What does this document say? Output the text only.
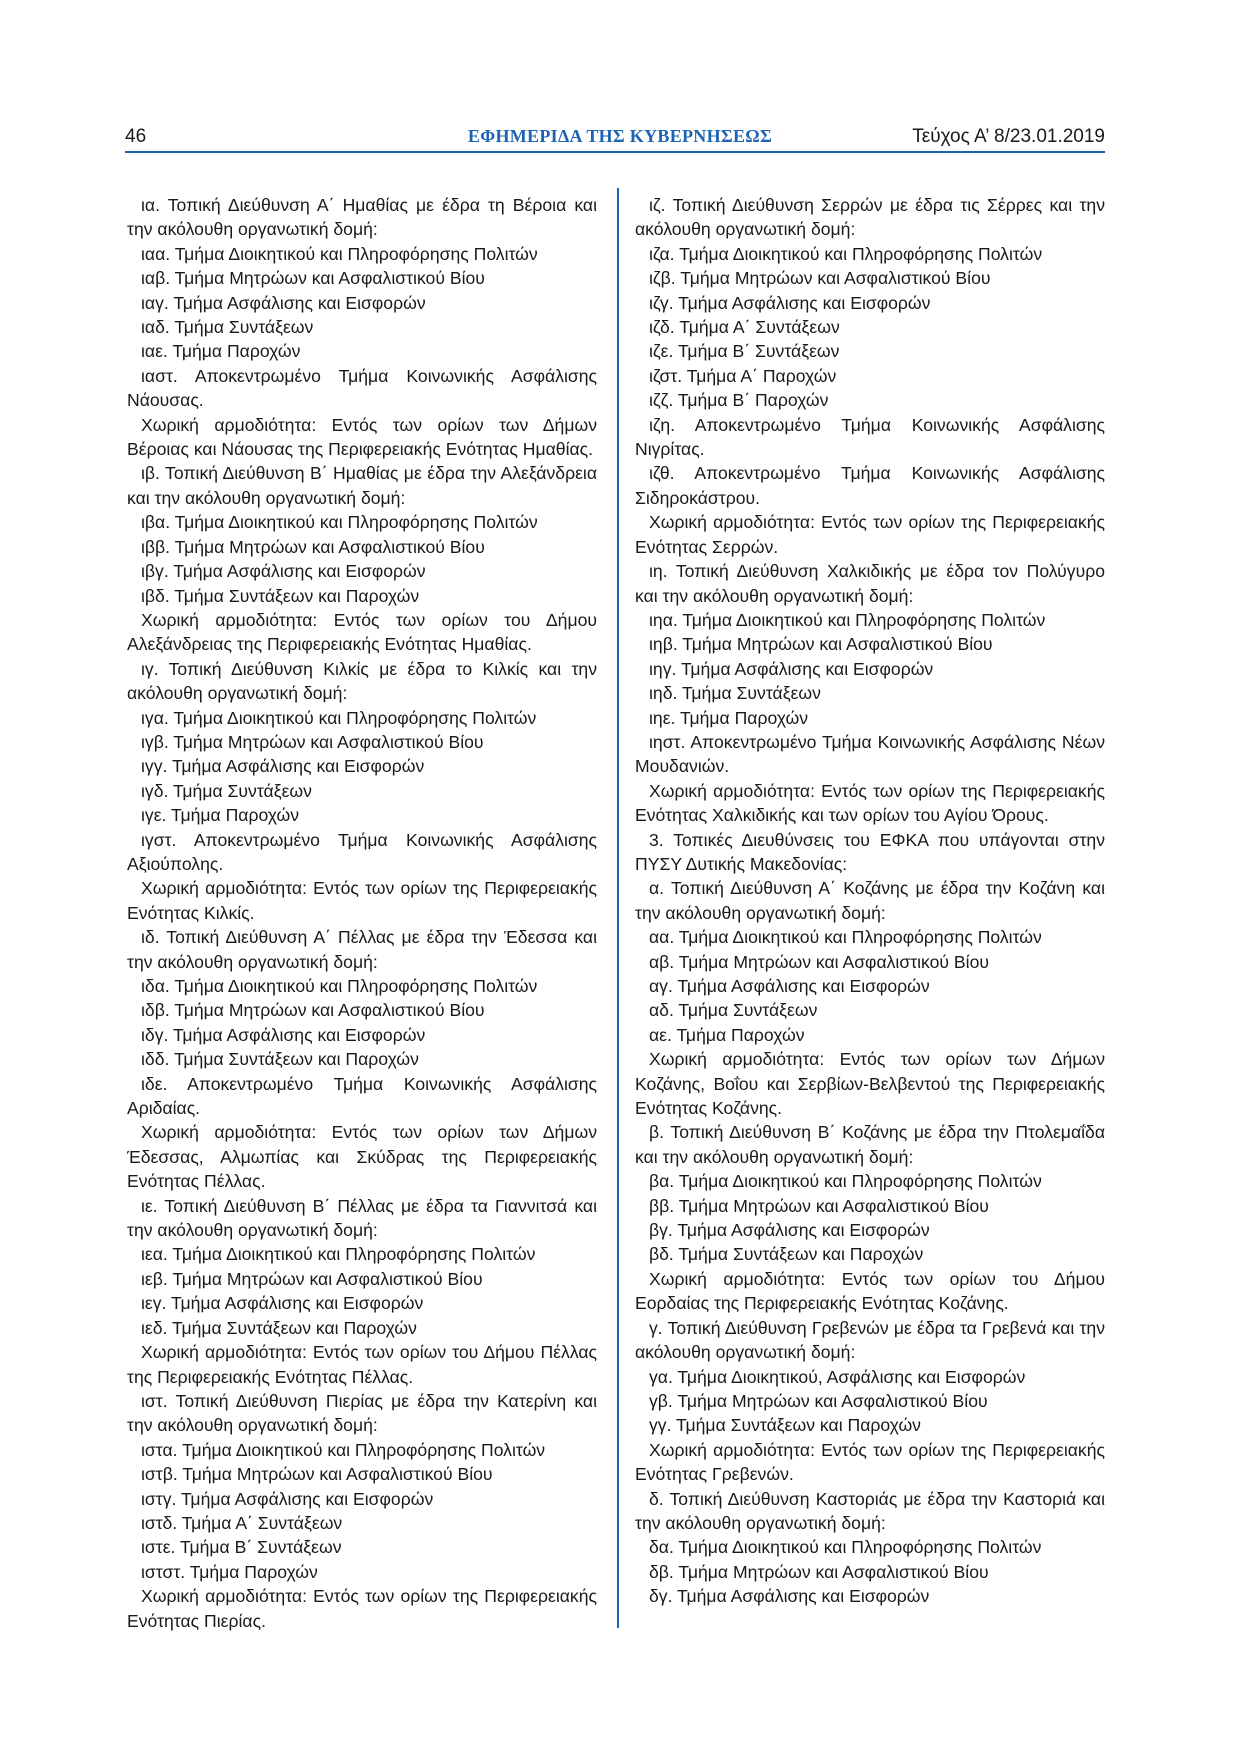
46	ΕΦΗΜΕΡΙΔΑ ΤΗΣ ΚΥΒΕΡΝΗΣΕΩΣ	Τεύχος Α’ 8/23.01.2019

ια. Τοπική Διεύθυνση Α΄ Ημαθίας με έδρα τη Βέροια και την ακόλουθη οργανωτική δομή:

ιαα. Τμήμα Διοικητικού και Πληροφόρησης Πολιτών

ιαβ. Τμήμα Μητρώων και Ασφαλιστικού Βίου

ιαγ. Τμήμα Ασφάλισης και Εισφορών

ιαδ. Τμήμα Συντάξεων

ιαε. Τμήμα Παροχών

ιαστ. Αποκεντρωμένο Τμήμα Κοινωνικής Ασφάλισης Νάουσας.

Χωρική αρμοδιότητα: Εντός των ορίων των Δήμων Βέροιας και Νάουσας της Περιφερειακής Ενότητας Ημαθίας.

ιβ. Τοπική Διεύθυνση Β΄ Ημαθίας με έδρα την Αλεξάνδρεια και την ακόλουθη οργανωτική δομή:

ιβα. Τμήμα Διοικητικού και Πληροφόρησης Πολιτών

ιββ. Τμήμα Μητρώων και Ασφαλιστικού Βίου

ιβγ. Τμήμα Ασφάλισης και Εισφορών

ιβδ. Τμήμα Συντάξεων και Παροχών

Χωρική αρμοδιότητα: Εντός των ορίων του Δήμου Αλεξάνδρειας της Περιφερειακής Ενότητας Ημαθίας.

ιγ. Τοπική Διεύθυνση Κιλκίς με έδρα το Κιλκίς και την ακόλουθη οργανωτική δομή:

ιγα. Τμήμα Διοικητικού και Πληροφόρησης Πολιτών

ιγβ. Τμήμα Μητρώων και Ασφαλιστικού Βίου

ιγγ. Τμήμα Ασφάλισης και Εισφορών

ιγδ. Τμήμα Συντάξεων

ιγε. Τμήμα Παροχών

ιγστ. Αποκεντρωμένο Τμήμα Κοινωνικής Ασφάλισης Αξιούπολης.

Χωρική αρμοδιότητα: Εντός των ορίων της Περιφερειακής Ενότητας Κιλκίς.

ιδ. Τοπική Διεύθυνση Α΄ Πέλλας με έδρα την Έδεσσα και την ακόλουθη οργανωτική δομή:

ιδα. Τμήμα Διοικητικού και Πληροφόρησης Πολιτών

ιδβ. Τμήμα Μητρώων και Ασφαλιστικού Βίου

ιδγ. Τμήμα Ασφάλισης και Εισφορών

ιδδ. Τμήμα Συντάξεων και Παροχών

ιδε. Αποκεντρωμένο Τμήμα Κοινωνικής Ασφάλισης Αριδαίας.

Χωρική αρμοδιότητα: Εντός των ορίων των Δήμων Έδεσσας, Αλμωπίας και Σκύδρας της Περιφερειακής Ενότητας Πέλλας.

ιε. Τοπική Διεύθυνση Β΄ Πέλλας με έδρα τα Γιαννιτσά και την ακόλουθη οργανωτική δομή:

ιεα. Τμήμα Διοικητικού και Πληροφόρησης Πολιτών

ιεβ. Τμήμα Μητρώων και Ασφαλιστικού Βίου

ιεγ. Τμήμα Ασφάλισης και Εισφορών

ιεδ. Τμήμα Συντάξεων και Παροχών

Χωρική αρμοδιότητα: Εντός των ορίων του Δήμου Πέλλας της Περιφερειακής Ενότητας Πέλλας.

ιστ. Τοπική Διεύθυνση Πιερίας με έδρα την Κατερίνη και την ακόλουθη οργανωτική δομή:

ιστα. Τμήμα Διοικητικού και Πληροφόρησης Πολιτών

ιστβ. Τμήμα Μητρώων και Ασφαλιστικού Βίου

ιστγ. Τμήμα Ασφάλισης και Εισφορών

ιστδ. Τμήμα Α΄ Συντάξεων

ιστε. Τμήμα Β΄ Συντάξεων

ιστστ. Τμήμα Παροχών

Χωρική αρμοδιότητα: Εντός των ορίων της Περιφερειακής Ενότητας Πιερίας.

ιζ. Τοπική Διεύθυνση Σερρών με έδρα τις Σέρρες και την ακόλουθη οργανωτική δομή:

ιζα. Τμήμα Διοικητικού και Πληροφόρησης Πολιτών

ιζβ. Τμήμα Μητρώων και Ασφαλιστικού Βίου

ιζγ. Τμήμα Ασφάλισης και Εισφορών

ιζδ. Τμήμα Α΄ Συντάξεων

ιζε. Τμήμα Β΄ Συντάξεων

ιζστ. Τμήμα Α΄ Παροχών

ιζζ. Τμήμα Β΄ Παροχών

ιζη. Αποκεντρωμένο Τμήμα Κοινωνικής Ασφάλισης Νιγρίτας.

ιζθ. Αποκεντρωμένο Τμήμα Κοινωνικής Ασφάλισης Σιδηροκάστρου.

Χωρική αρμοδιότητα: Εντός των ορίων της Περιφερειακής Ενότητας Σερρών.

ιη. Τοπική Διεύθυνση Χαλκιδικής με έδρα τον Πολύγυρο και την ακόλουθη οργανωτική δομή:

ιηα. Τμήμα Διοικητικού και Πληροφόρησης Πολιτών

ιηβ. Τμήμα Μητρώων και Ασφαλιστικού Βίου

ιηγ. Τμήμα Ασφάλισης και Εισφορών

ιηδ. Τμήμα Συντάξεων

ιηε. Τμήμα Παροχών

ιηστ. Αποκεντρωμένο Τμήμα Κοινωνικής Ασφάλισης Νέων Μουδανιών.

Χωρική αρμοδιότητα: Εντός των ορίων της Περιφερειακής Ενότητας Χαλκιδικής και των ορίων του Αγίου Όρους.

3. Τοπικές Διευθύνσεις του ΕΦΚΑ που υπάγονται στην ΠΥΣΥ Δυτικής Μακεδονίας:

α. Τοπική Διεύθυνση Α΄ Κοζάνης με έδρα την Κοζάνη και την ακόλουθη οργανωτική δομή:

αα. Τμήμα Διοικητικού και Πληροφόρησης Πολιτών

αβ. Τμήμα Μητρώων και Ασφαλιστικού Βίου

αγ. Τμήμα Ασφάλισης και Εισφορών

αδ. Τμήμα Συντάξεων

αε. Τμήμα Παροχών

Χωρική αρμοδιότητα: Εντός των ορίων των Δήμων Κοζάνης, Βοΐου και Σερβίων-Βελβεντού της Περιφερειακής Ενότητας Κοζάνης.

β. Τοπική Διεύθυνση Β΄ Κοζάνης με έδρα την Πτολεμαΐδα και την ακόλουθη οργανωτική δομή:

βα. Τμήμα Διοικητικού και Πληροφόρησης Πολιτών

ββ. Τμήμα Μητρώων και Ασφαλιστικού Βίου

βγ. Τμήμα Ασφάλισης και Εισφορών

βδ. Τμήμα Συντάξεων και Παροχών

Χωρική αρμοδιότητα: Εντός των ορίων του Δήμου Εορδαίας της Περιφερειακής Ενότητας Κοζάνης.

γ. Τοπική Διεύθυνση Γρεβενών με έδρα τα Γρεβενά και την ακόλουθη οργανωτική δομή:

γα. Τμήμα Διοικητικού, Ασφάλισης και Εισφορών

γβ. Τμήμα Μητρώων και Ασφαλιστικού Βίου

γγ. Τμήμα Συντάξεων και Παροχών

Χωρική αρμοδιότητα: Εντός των ορίων της Περιφερειακής Ενότητας Γρεβενών.

δ. Τοπική Διεύθυνση Καστοριάς με έδρα την Καστοριά και την ακόλουθη οργανωτική δομή:

δα. Τμήμα Διοικητικού και Πληροφόρησης Πολιτών

δβ. Τμήμα Μητρώων και Ασφαλιστικού Βίου

δγ. Τμήμα Ασφάλισης και Εισφορών
